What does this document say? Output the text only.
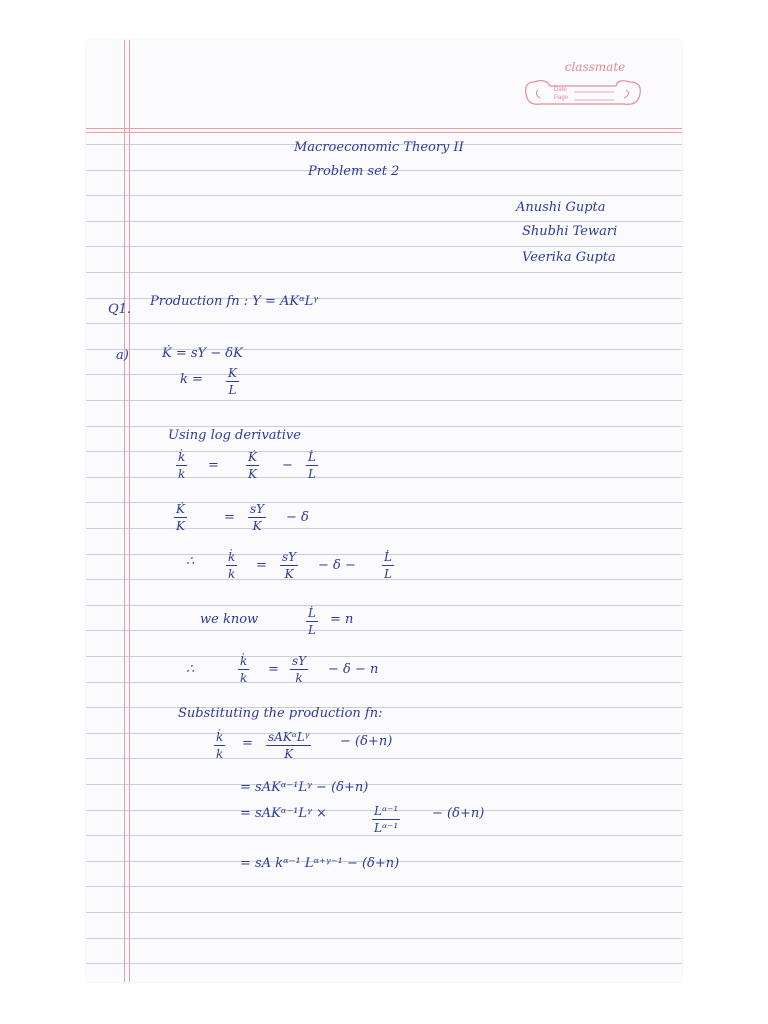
classmate
Date
Page
Macroeconomic Theory II
Problem set 2
Anushi Gupta
Shubhi Tewari
Veerika Gupta
Q1.
Production fn : Y = AKᵅLᵞ
a)	K̇ = sY − δK
k = K
L
Using log derivative
k̇
k
=
K̇
K
−
L̇
L
K̇
K
=
sY
K
− δ
∴	k̇
k
=
sY
K
− δ −
L̇
L
we know	L̇
L
= n
∴
k̇
k
=
sY
k
− δ − n
Substituting the production fn:
k̇
k
= sAKᵅLᵞ
K
− (δ+n)
= sAKᵅ⁻¹Lᵞ − (δ+n)
= sAKᵅ⁻¹Lᵞ ×	Lᵅ⁻¹
Lᵅ⁻¹
− (δ+n)
= sA kᵅ⁻¹ Lᵅ⁺ᵞ⁻¹ − (δ+n)
